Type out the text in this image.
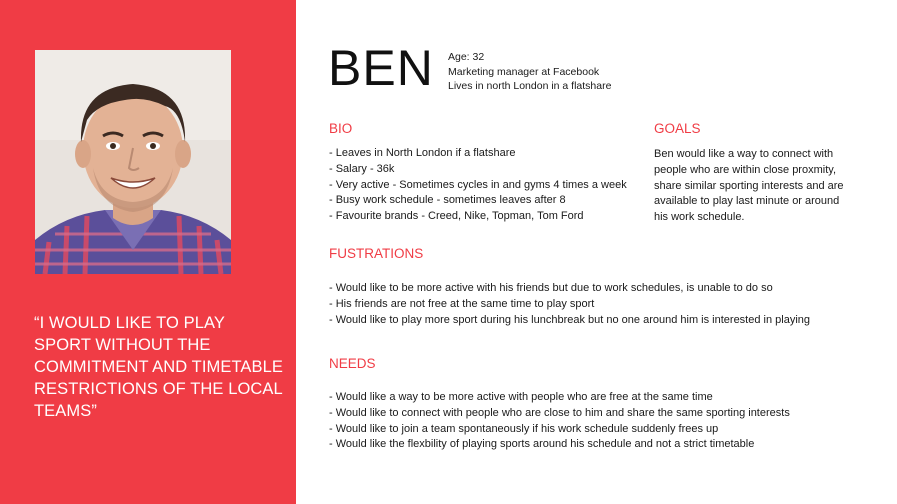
“I WOULD LIKE TO PLAY SPORT WITHOUT THE COMMITMENT AND TIMETABLE RESTRICTIONS OF THE LOCAL TEAMS”
BEN Age: 32
Marketing manager at Facebook
Lives in north London in a flatshare
BIO
- Leaves in North London if a flatshare
- Salary - 36k
- Very active - Sometimes cycles in and gyms 4 times a week
- Busy work schedule - sometimes leaves after 8
- Favourite brands - Creed, Nike, Topman, Tom Ford
GOALS
Ben would like a way to connect with
people who are within close proxmity,
share similar sporting interests and are
available to play last minute or around
his work schedule.
FUSTRATIONS
- Would like to be more active with his friends but due to work schedules, is unable to do so
- His friends are not free at the same time to play sport
- Would like to play more sport during his lunchbreak but no one around him is interested in playing
NEEDS
- Would like a way to be more active with people who are free at the same time
- Would like to connect with people who are close to him and share the same sporting interests
- Would like to join a team spontaneously if his work schedule suddenly frees up
- Would like the flexbility of playing sports around his schedule and not a strict timetable
